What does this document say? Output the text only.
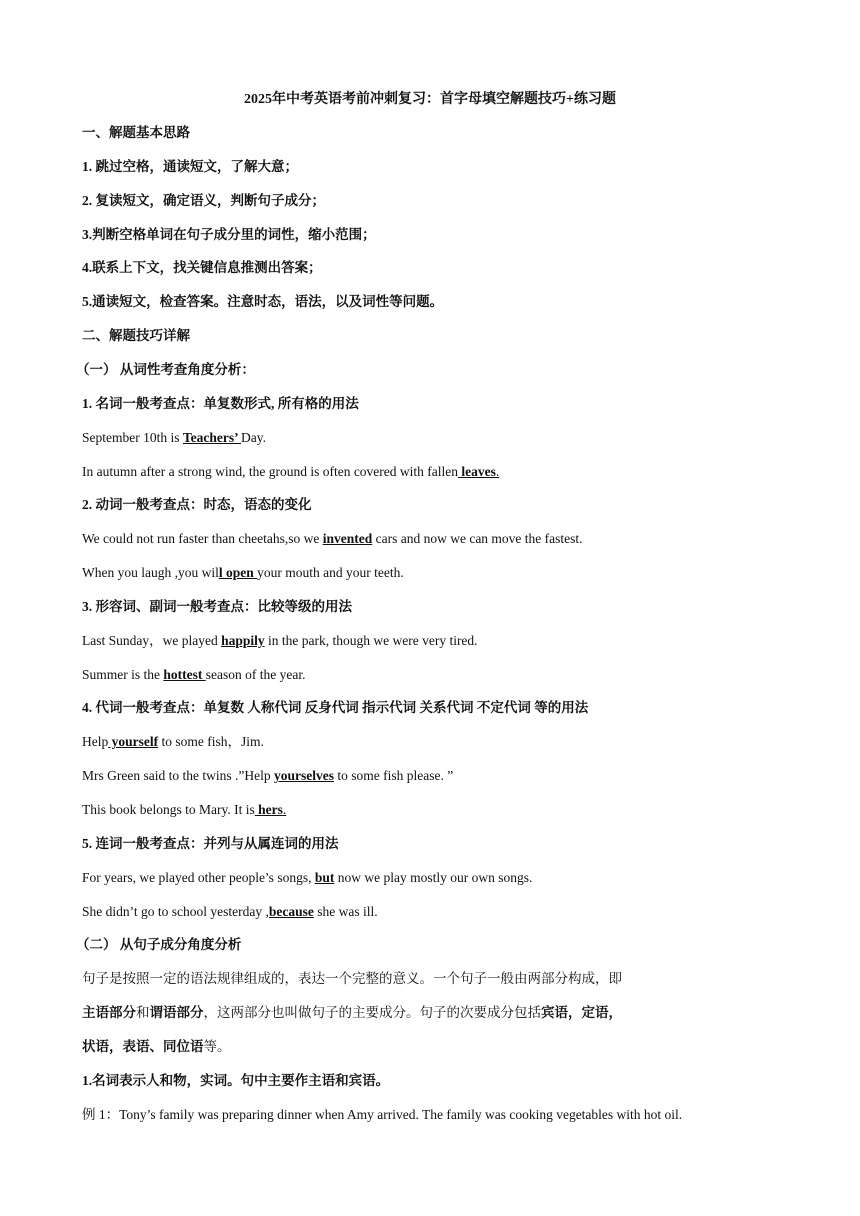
2025年中考英语考前冲刺复习：首字母填空解题技巧+练习题
一、解题基本思路
1. 跳过空格，通读短文，了解大意；
2. 复读短文，确定语义，判断句子成分；
3.判断空格单词在句子成分里的词性，缩小范围；
4.联系上下文，找关键信息推测出答案；
5.通读短文，检查答案。注意时态，语法，以及词性等问题。
二、解题技巧详解
（一） 从词性考查角度分析：
1. 名词一般考查点：单复数形式, 所有格的用法
September 10th is Teachers’ Day.
In autumn after a strong wind, the ground is often covered with fallen leaves.
2. 动词一般考查点：时态，语态的变化
We could not run faster than cheetahs,so we invented cars and now we can move the fastest.
When you laugh ,you will open your mouth and your teeth.
3. 形容词、副词一般考查点：比较等级的用法
Last Sunday，we played happily in the park, though we were very tired.
Summer is the hottest season of the year.
4. 代词一般考查点：单复数 人称代词 反身代词 指示代词 关系代词 不定代词 等的用法
Help yourself to some fish，Jim.
Mrs Green said to the twins .”Help yourselves to some fish please. ”
This book belongs to Mary. It is hers.
5. 连词一般考查点：并列与从属连词的用法
For years, we played other people’s songs, but now we play mostly our own songs.
She didn’t go to school yesterday ,because she was ill.
（二） 从句子成分角度分析
句子是按照一定的语法规律组成的，表达一个完整的意义。一个句子一般由两部分构成，即
主语部分和谓语部分，这两部分也叫做句子的主要成分。句子的次要成分包括宾语，定语，
状语，表语、同位语等。
1.名词表示人和物，实词。句中主要作主语和宾语。
例 1：Tony’s family was preparing dinner when Amy arrived. The family was cooking vegetables with hot oil.
